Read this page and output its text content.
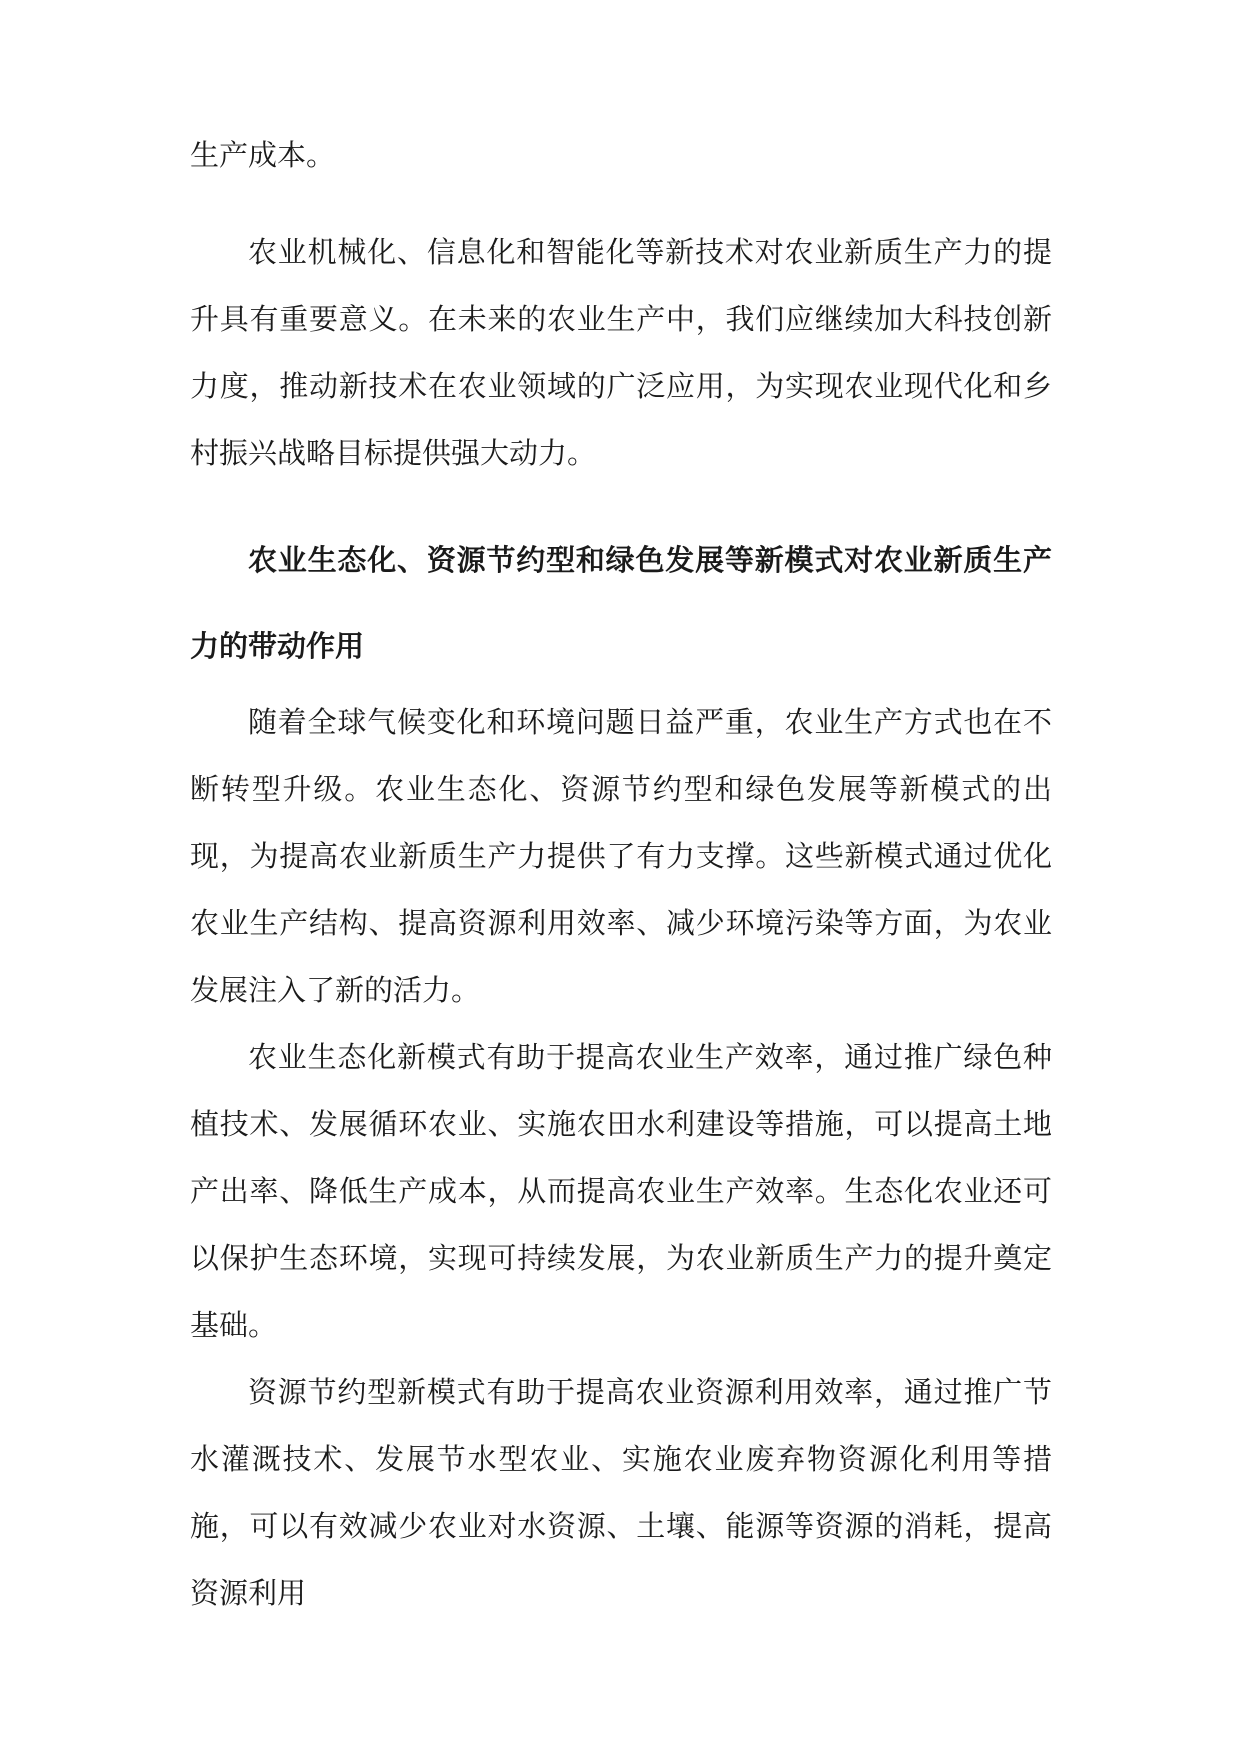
生产成本。

农业机械化、信息化和智能化等新技术对农业新质生产力的提升具有重要意义。在未来的农业生产中，我们应继续加大科技创新力度，推动新技术在农业领域的广泛应用，为实现农业现代化和乡村振兴战略目标提供强大动力。

农业生态化、资源节约型和绿色发展等新模式对农业新质生产力的带动作用

随着全球气候变化和环境问题日益严重，农业生产方式也在不断转型升级。农业生态化、资源节约型和绿色发展等新模式的出现，为提高农业新质生产力提供了有力支撑。这些新模式通过优化农业生产结构、提高资源利用效率、减少环境污染等方面，为农业发展注入了新的活力。

农业生态化新模式有助于提高农业生产效率，通过推广绿色种植技术、发展循环农业、实施农田水利建设等措施，可以提高土地产出率、降低生产成本，从而提高农业生产效率。生态化农业还可以保护生态环境，实现可持续发展，为农业新质生产力的提升奠定基础。

资源节约型新模式有助于提高农业资源利用效率，通过推广节水灌溉技术、发展节水型农业、实施农业废弃物资源化利用等措施，可以有效减少农业对水资源、土壤、能源等资源的消耗，提高资源利用
